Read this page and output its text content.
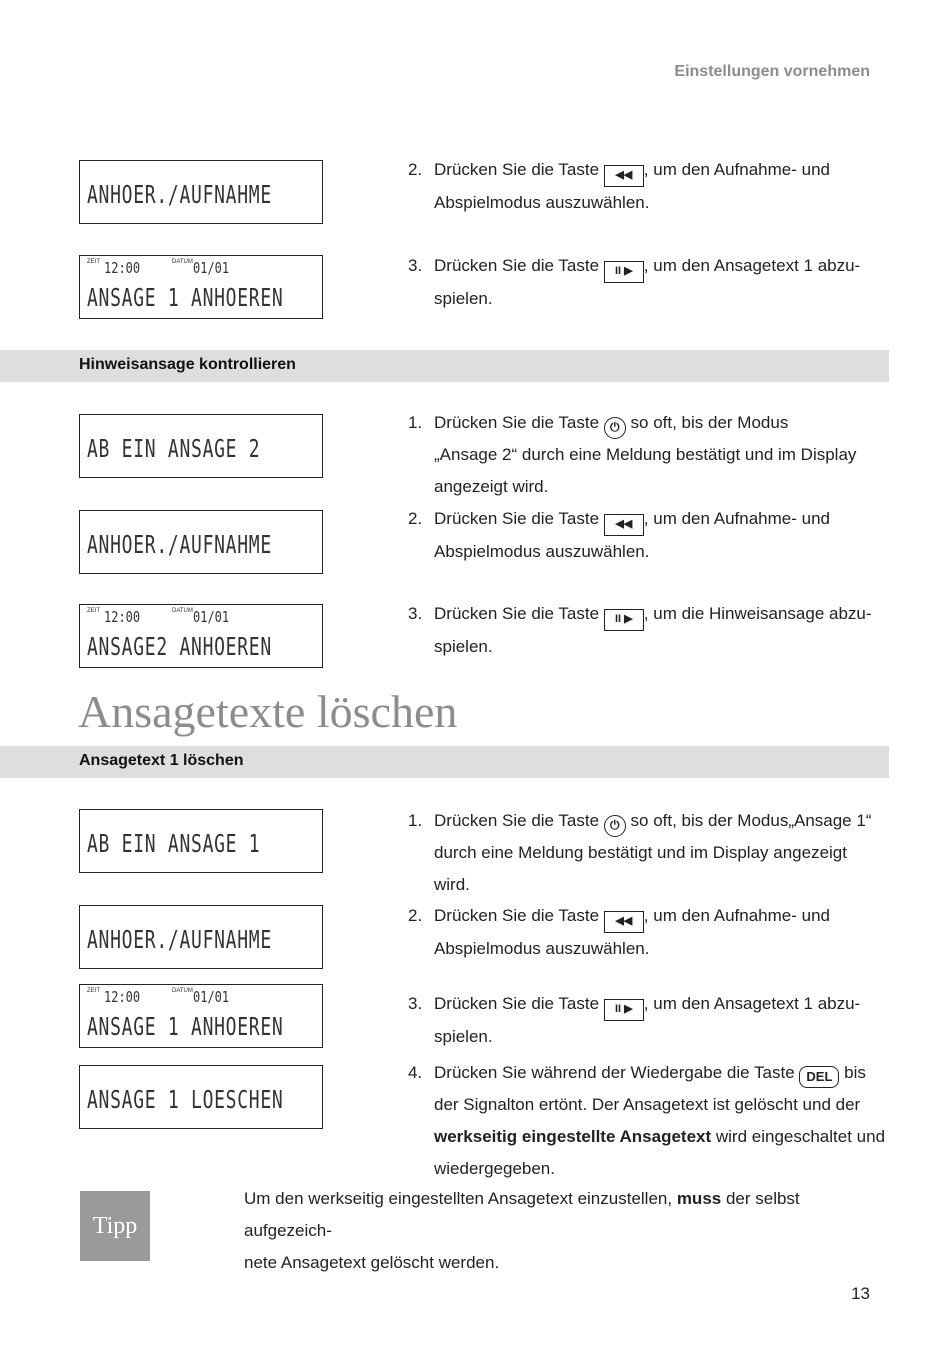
Einstellungen vornehmen
ANHOER./AUFNAHME
$^{ZEIT}$ 12:00	$^{DATUM}$01/01
ANSAGE 1 ANHOEREN
2. Drücken Sie die Taste ◀◀ , um den Aufnahme- und
Abspielmodus auszuwählen.
3. Drücken Sie die Taste II ▶ , um den Ansagetext 1 abzu-
spielen.
Hinweisansage kontrollieren
AB EIN ANSAGE 2
ANHOER./AUFNAHME
$^{ZEIT}$ 12:00	$^{DATUM}$01/01
ANSAGE2 ANHOEREN
1. Drücken Sie die Taste ⏻ so oft, bis der Modus
„Ansage 2“ durch eine Meldung bestätigt und im Display
angezeigt wird.
2. Drücken Sie die Taste ◀◀ , um den Aufnahme- und
Abspielmodus auszuwählen.
3. Drücken Sie die Taste II ▶ , um die Hinweisansage abzu-
spielen.
Ansagetexte löschen
Ansagetext 1 löschen
AB EIN ANSAGE 1
ANHOER./AUFNAHME
$^{ZEIT}$ 12:00	$^{DATUM}$01/01
ANSAGE 1 ANHOEREN
ANSAGE 1 LOESCHEN
1. Drücken Sie die Taste ⏻ so oft, bis der Modus„Ansage 1“
durch eine Meldung bestätigt und im Display angezeigt
wird.
2. Drücken Sie die Taste ◀◀ , um den Aufnahme- und
Abspielmodus auszuwählen.
3. Drücken Sie die Taste II ▶ , um den Ansagetext 1 abzu-
spielen.
4. Drücken Sie während der Wiedergabe die Taste DEL bis
der Signalton ertönt. Der Ansagetext ist gelöscht und der
werkseitig eingestellte Ansagetext wird eingeschaltet und
wiedergegeben.
Tipp
Um den werkseitig eingestellten Ansagetext einzustellen, muss der selbst aufgezeich-
nete Ansagetext gelöscht werden.
13
